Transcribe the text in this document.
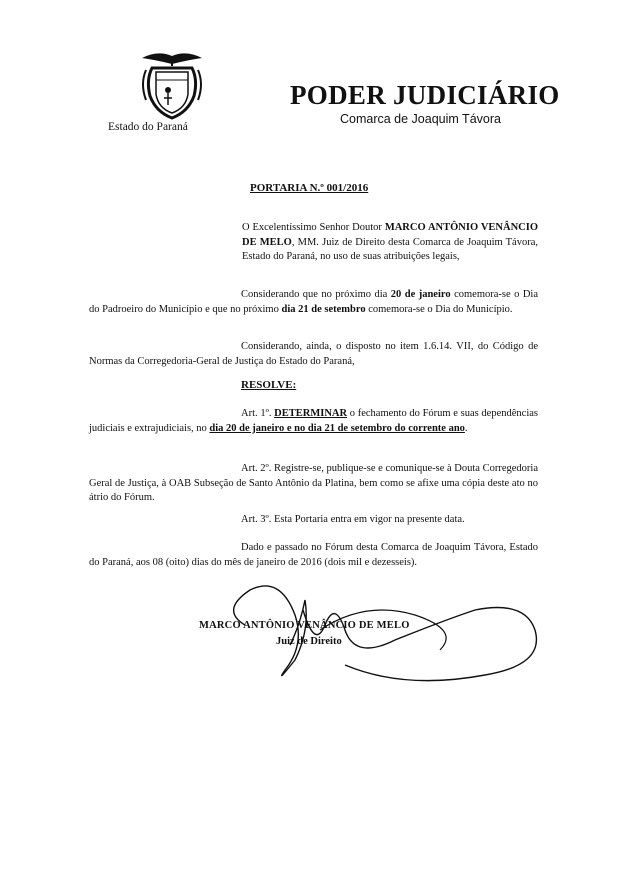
Estado do Paraná
PODER JUDICIÁRIO
Comarca de Joaquim Távora
PORTARIA N.º 001/2016
O Excelentíssimo Senhor Doutor MARCO ANTÔNIO VENÂNCIO DE MELO, MM. Juiz de Direito desta Comarca de Joaquim Távora, Estado do Paraná, no uso de suas atribuições legais,
Considerando que no próximo dia 20 de janeiro comemora-se o Dia do Padroeiro do Município e que no próximo dia 21 de setembro comemora-se o Dia do Município.
Considerando, ainda, o disposto no item 1.6.14. VII, do Código de Normas da Corregedoria-Geral de Justiça do Estado do Paraná,
RESOLVE:
Art. 1º. DETERMINAR o fechamento do Fórum e suas dependências judiciais e extrajudiciais, no dia 20 de janeiro e no dia 21 de setembro do corrente ano.
Art. 2º. Registre-se, publique-se e comunique-se à Douta Corregedoria Geral de Justiça, à OAB Subseção de Santo Antônio da Platina, bem como se afixe uma cópia deste ato no átrio do Fórum.
Art. 3º. Esta Portaria entra em vigor na presente data.
Dado e passado no Fórum desta Comarca de Joaquim Távora, Estado do Paraná, aos 08 (oito) dias do mês de janeiro de 2016 (dois mil e dezesseis).
MARCO ANTÔNIO VENÂNCIO DE MELO
Juiz de Direito
